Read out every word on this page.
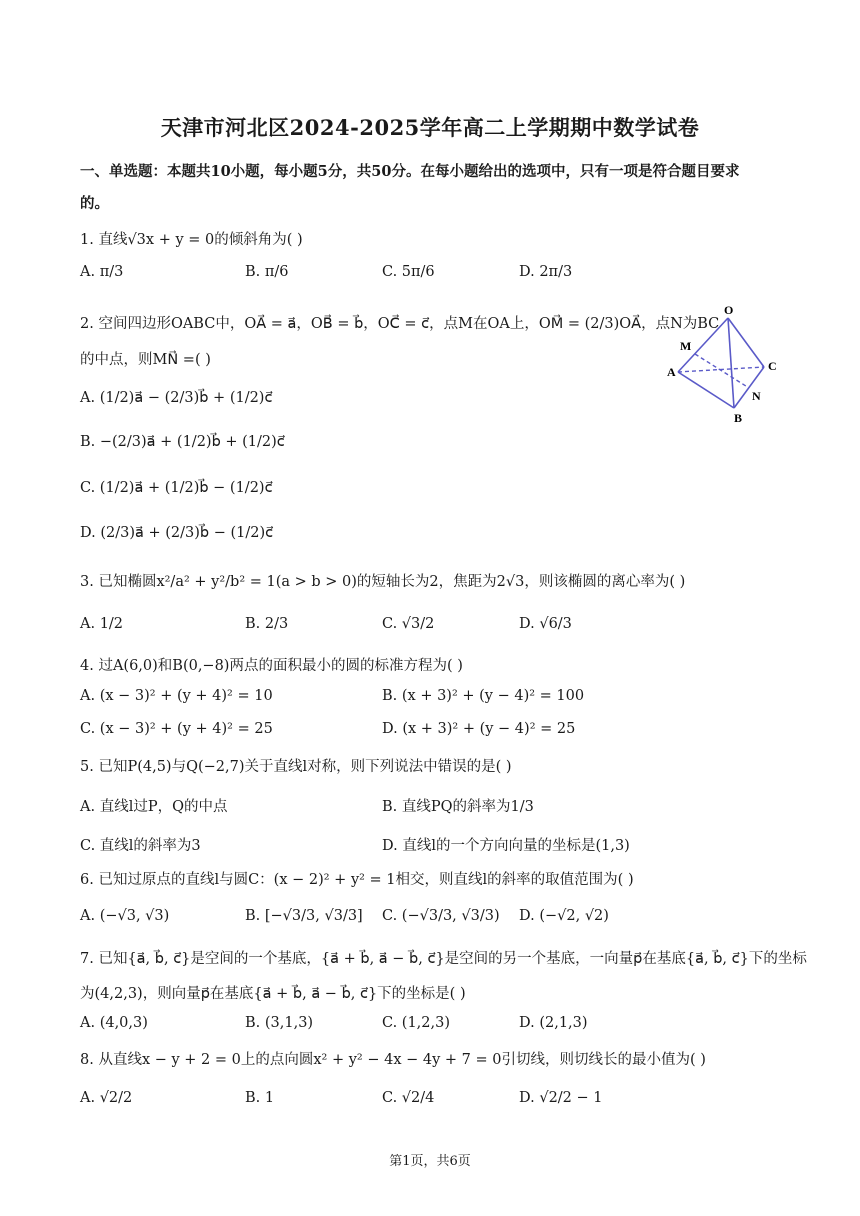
天津市河北区2024-2025学年高二上学期期中数学试卷
一、单选题：本题共10小题，每小题5分，共50分。在每小题给出的选项中，只有一项是符合题目要求
的。
1. 直线√3x + y = 0的倾斜角为( )
A. π/3	B. π/6	C. 5π/6	D. 2π/3
2. 空间四边形OABC中，OA⃗ = a⃗，OB⃗ = b⃗，OC⃗ = c⃗，点M在OA上，OM⃗ = (2/3)OA⃗，点N为BC
的中点，则MN⃗ =( )
A. (1/2)a⃗ − (2/3)b⃗ + (1/2)c⃗
B. −(2/3)a⃗ + (1/2)b⃗ + (1/2)c⃗
C. (1/2)a⃗ + (1/2)b⃗ − (1/2)c⃗
D. (2/3)a⃗ + (2/3)b⃗ − (1/2)c⃗
O
M
A	C
N
B
3. 已知椭圆x²/a² + y²/b² = 1(a > b > 0)的短轴长为2，焦距为2√3，则该椭圆的离心率为( )
A. 1/2	B. 2/3	C. √3/2	D. √6/3
4. 过A(6,0)和B(0,−8)两点的面积最小的圆的标准方程为( )
A. (x − 3)² + (y + 4)² = 10	B. (x + 3)² + (y − 4)² = 100
C. (x − 3)² + (y + 4)² = 25	D. (x + 3)² + (y − 4)² = 25
5. 已知P(4,5)与Q(−2,7)关于直线l对称，则下列说法中错误的是( )
A. 直线l过P，Q的中点	B. 直线PQ的斜率为1/3
C. 直线l的斜率为3	D. 直线l的一个方向向量的坐标是(1,3)
6. 已知过原点的直线l与圆C：(x − 2)² + y² = 1相交，则直线l的斜率的取值范围为( )
A. (−√3, √3)	B. [−√3/3, √3/3] C. (−√3/3, √3/3) D. (−√2, √2)
7. 已知{a⃗, b⃗, c⃗}是空间的一个基底，{a⃗ + b⃗, a⃗ − b⃗, c⃗}是空间的另一个基底，一向量p⃗在基底{a⃗, b⃗, c⃗}下的坐标
为(4,2,3)，则向量p⃗在基底{a⃗ + b⃗, a⃗ − b⃗, c⃗}下的坐标是( )
A. (4,0,3)	B. (3,1,3)	C. (1,2,3)	D. (2,1,3)
8. 从直线x − y + 2 = 0上的点向圆x² + y² − 4x − 4y + 7 = 0引切线，则切线长的最小值为( )
A. √2/2	B. 1	C. √2/4	D. √2/2 − 1
第1页，共6页
